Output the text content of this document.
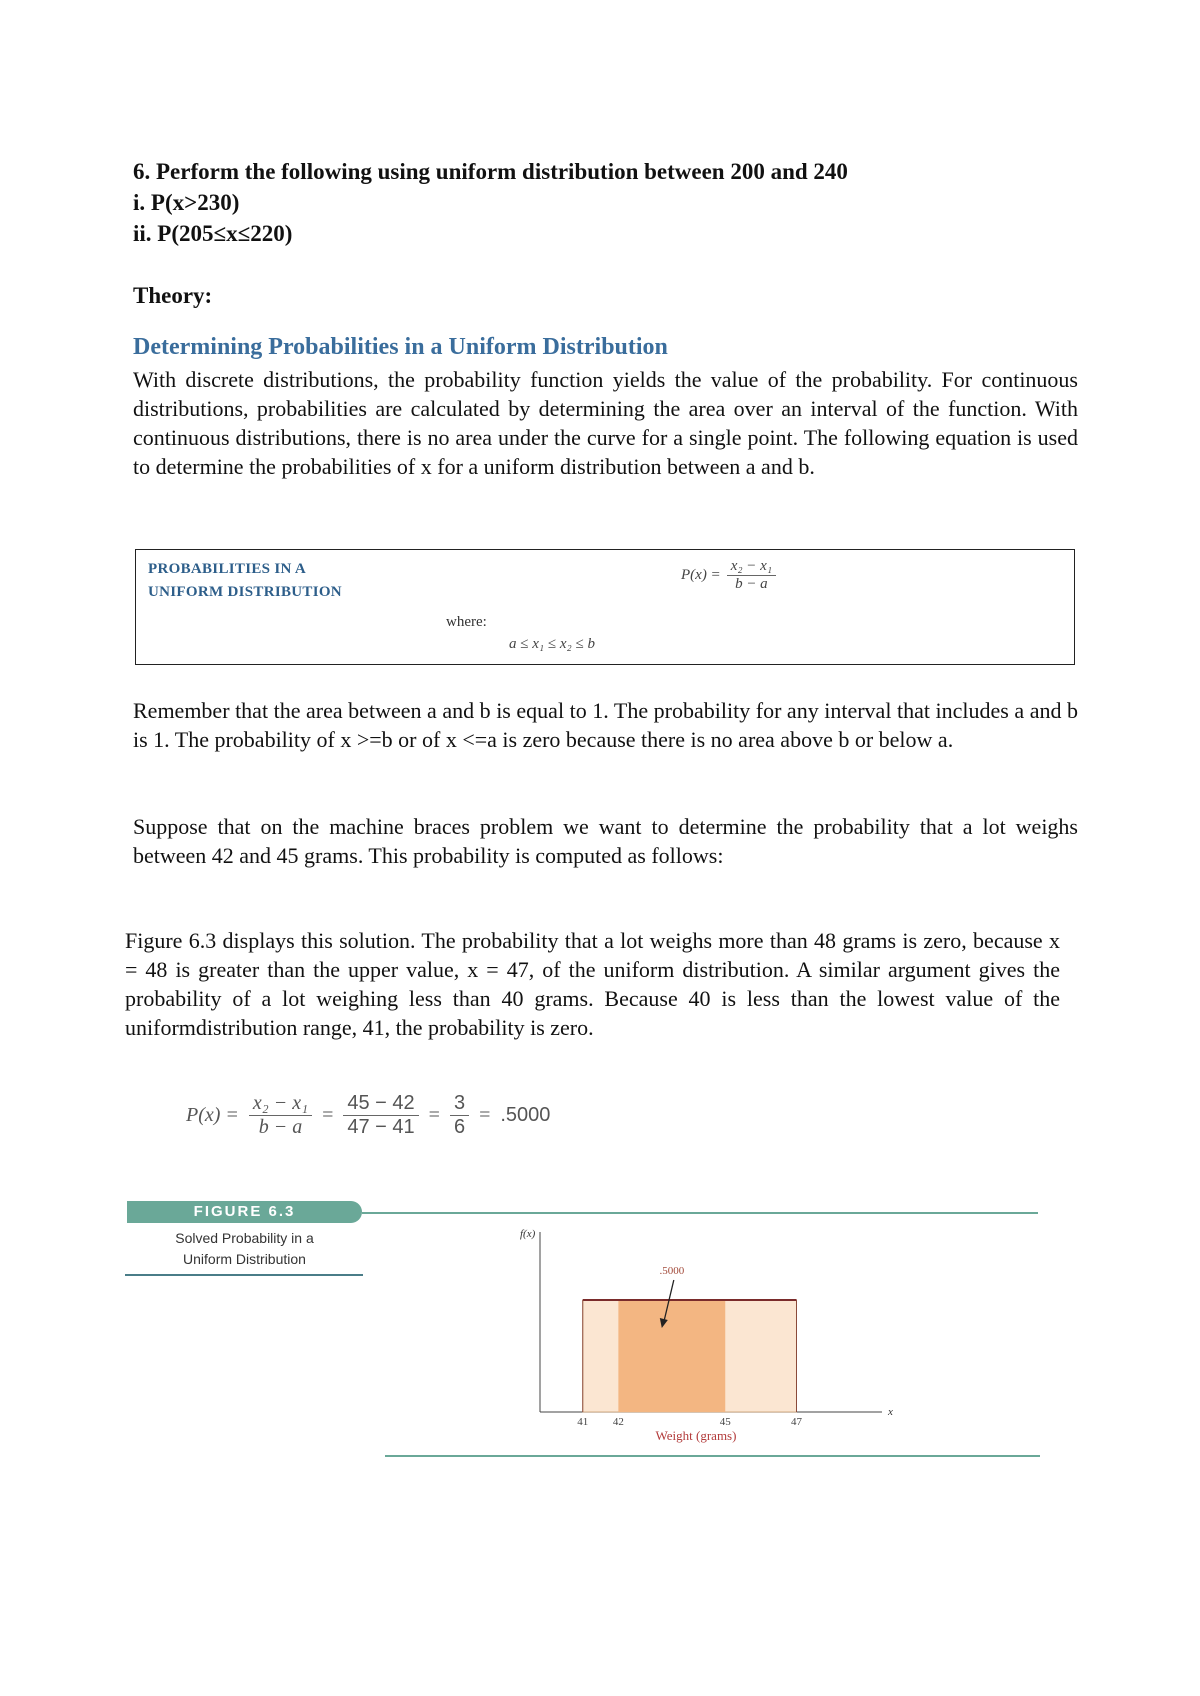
6. Perform the following using uniform distribution between 200 and 240
i. P(x>230)
ii. P(205≤x≤220)
Theory:
Determining Probabilities in a Uniform Distribution
With discrete distributions, the probability function yields the value of the probability. For continuous distributions, probabilities are calculated by determining the area over an interval of the function. With continuous distributions, there is no area under the curve for a single point. The following equation is used to determine the probabilities of x for a uniform distribution between a and b.
PROBABILITIES IN A
UNIFORM DISTRIBUTION
$P(x) = \frac{\text{x₂ − x₁}}{b - a}$
where:
a ≤ x₁ ≤ x₂ ≤ b
Remember that the area between a and b is equal to 1. The probability for any interval that includes a and b is 1. The probability of x >=b or of x <=a is zero because there is no area above b or below a.
Suppose that on the machine braces problem we want to determine the probability that a lot weighs between 42 and 45 grams. This probability is computed as follows:
Figure 6.3 displays this solution. The probability that a lot weighs more than 48 grams is zero, because x = 48 is greater than the upper value, x = 47, of the uniform distribution. A similar argument gives the probability of a lot weighing less than 40 grams. Because 40 is less than the lowest value of the uniformdistribution range, 41, the probability is zero.
$P(x) = \frac{\text{x₂ − x₁}}{b - a} = \frac{45 - 42}{47 - 41} = \frac{3}{6} = .5000$
FIGURE 6.3
Solved Probability in a
Uniform Distribution
f(x)
x
41 42	45	47
.5000
Weight (grams)
